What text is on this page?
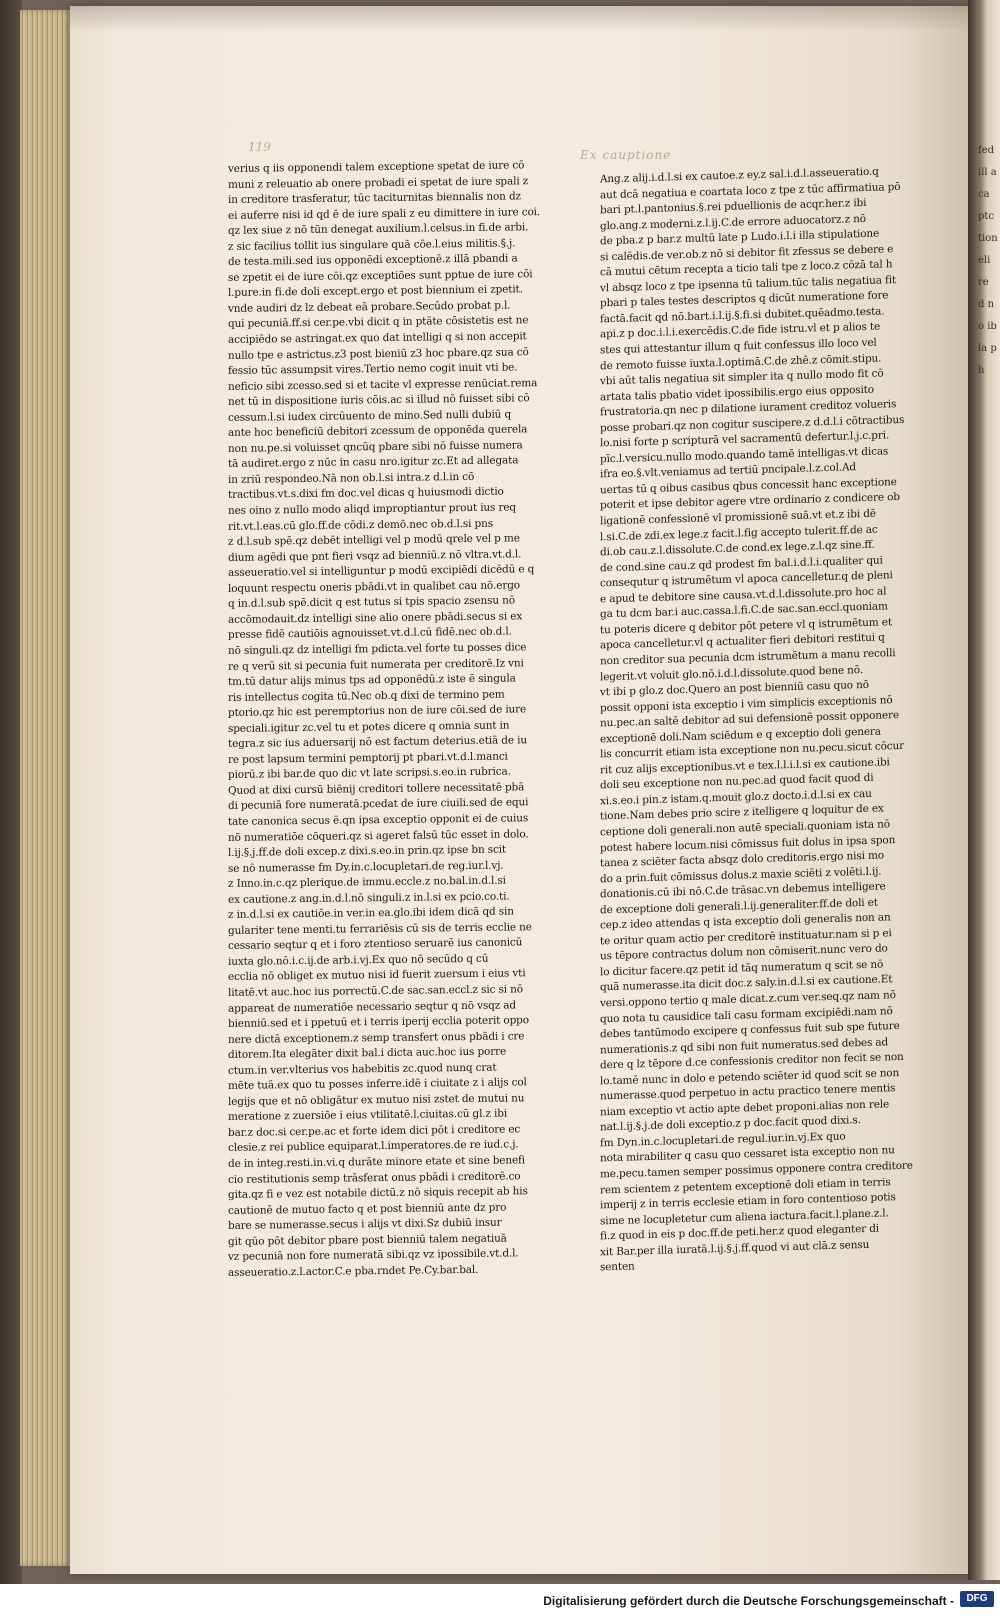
Ex cauptione
119
verius q iis opponendi talem exceptione spetat de iure cō
muni z releuatio ab onere probadi ei spetat de iure spali z
in creditore trasferatur, tūc taciturnitas biennalis non dz
ei auferre nisi id qd ē de iure spali z eu dimittere in iure coi.
qz lex siue z nō tūn denegat auxilium.l.celsus.in fi.de arbi.
z sic facilius tollit ius singulare quā cōe.l.eius militis.§.j.
de testa.mili.sed ius opponēdi exceptionē.z illā pbandi a
se zpetit ei de iure cōi.qz exceptiões sunt pptue de iure cōi
l.pure.in fi.de doli except.ergo et post biennium ei zpetit.
vnde audiri dz lz debeat eā probare.Secūdo probat p.l.
qui pecuniā.ff.si cer.pe.vbi dicit q in ptāte cōsistetis est ne
accipiēdo se astringat.ex quo dat intelligi q si non accepit
nullo tpe e astrictus.z3 post bieniū z3 hoc pbare.qz sua cō
fessio tūc assumpsit vires.Tertio nemo cogit inuit vti be.
neficio sibi zcesso.sed si et tacite vl expresse renūciat.rema
net tū in dispositione iuris cōis.ac si illud nō fuisset sibi cō
cessum.l.si iudex circūuento de mino.Sed nulli dubiū q
ante hoc beneficiū debitori zcessum de opponēda querela
non nu.pe.si voluisset qncūq pbare sibi nō fuisse numera
tā audiret.ergo z nūc in casu nro.igitur zc.Et ad allegata
in zriū respondeo.Nā non ob.l.si intra.z d.l.in cō
tractibus.vt.s.dixi fm doc.vel dicas q huiusmodi dictio
nes oino z nullo modo aliqd improptiantur prout ius req
rit.vt.l.eas.cū glo.ff.de cōdi.z demō.nec ob.d.l.si pns
z d.l.sub spē.qz debēt intelligi vel p modū qrele vel p me
dium agēdi que pnt fieri vsqz ad bienniū.z nō vltra.vt.d.l.
asseueratio.vel si intelliguntur p modū excipiēdi dicēdū e q
loquunt respectu oneris pbādi.vt in qualibet cau nō.ergo
q in.d.l.sub spē.dicit q est tutus si tpis spacio zsensu nō
accōmodauit.dz intelligi sine alio onere pbādi.secus si ex
presse fidē cautiōis agnouisset.vt.d.l.cū fidē.nec ob.d.l.
nō singuli.qz dz intelligi fm pdicta.vel forte tu posses dice
re q verū sit si pecunia fuit numerata per creditorē.Iz vni
tm.tū datur alijs minus tps ad opponēdū.z iste ē singula
ris intellectus cogita tū.Nec ob.q dixi de termino pem
ptorio.qz hic est peremptorius non de iure cōi.sed de iure
speciali.igitur zc.vel tu et potes dicere q omnia sunt in
tegra.z sic ius aduersarij nō est factum deterius.etiā de iu
re post lapsum termini pemptorij pt pbari.vt.d.l.manci
piorū.z ibi bar.de quo dic vt late scripsi.s.eo.in rubrica.
Quod at dixi cursū biēnij creditori tollere necessitatē pbā
di pecuniā fore numeratā.pcedat de iure ciuili.sed de equi
tate canonica secus ē.qn ipsa exceptio opponit ei de cuius
nō numeratiōe cōqueri.qz si ageret falsū tūc esset in dolo.
l.ij.§.j.ff.de doli excep.z dixi.s.eo.in prin.qz ipse bn scit
se nō numerasse fm Dy.in.c.locupletari.de reg.iur.l.vj.
z Inno.in.c.qz plerique.de immu.eccle.z no.bal.in.d.l.si
ex cautione.z ang.in.d.l.nō singuli.z in.l.si ex pcio.co.ti.
z in.d.l.si ex cautiōe.in ver.in ea.glo.ibi idem dicā qd sin
gulariter tene menti.tu ferrariēsis cū sis de terris ecclie ne
cessario seqtur q et i foro ztentioso seruarē ius canonicū
iuxta glo.nō.i.c.ij.de arb.i.vj.Ex quo nō secūdo q cū
ecclia nō obliget ex mutuo nisi id fuerit zuersum i eius vti
litatē.vt auc.hoc ius porrectū.C.de sac.san.eccl.z sic si nō
appareat de numeratiōe necessario seqtur q nō vsqz ad
bienniū.sed et i ppetuū et i terris iperij ecclia poterit oppo
nere dictā exceptionem.z semp transfert onus pbādi i cre
ditorem.Ita elegāter dixit bal.i dicta auc.hoc ius porre
ctum.in ver.vlterius vos habebitis zc.quod nunq crat
mēte tuā.ex quo tu posses inferre.idē i ciuitate z i alijs col
legijs que et nō obligātur ex mutuo nisi zstet de mutui nu
meratione z zuersiōe i eius vtilitatē.l.ciuitas.cū gl.z ibi
bar.z doc.si cer.pe.ac et forte idem dici pōt i creditore ec
clesie.z rei publice equiparat.l.imperatores.de re iud.c.j.
de in integ.resti.in.vi.q durāte minore etate et sine benefi
cio restitutionis semp trāsferat onus pbādi i creditorē.co
gita.qz fi e vez est notabile dictū.z nō siquis recepit ab his
cautionē de mutuo facto q et post bienniū ante dz pro
bare se numerasse.secus i alijs vt dixi.Sz dubiū insur
git qūo pōt debitor pbare post bienniū talem negatiuā
vz pecuniā non fore numeratā sibi.qz vz ipossibile.vt.d.l.
asseueratio.z.l.actor.C.e pba.rndet Pe.Cy.bar.bal.
Ang.z alij.i.d.l.si ex cautoe.z ey.z sal.i.d.l.asseueratio.q
aut dcā negatiua e coartata loco z tpe z tūc affirmatiua pō
bari pt.l.pantonius.§.rei pduellionis de acqr.her.z ibi
glo.ang.z moderni.z.l.ij.C.de errore aduocatorz.z nō
de pba.z p bar.z multū late p Ludo.i.l.i illa stipulatione
si calēdis.de ver.ob.z nō si debitor fit zfessus se debere e
cā mutui cētum recepta a ticio tali tpe z loco.z cōzā tal h
vl absqz loco z tpe ipsenna tū talium.tūc talis negatiua fit
pbari p tales testes descriptos q dicūt numeratione fore
factā.facit qd nō.bart.i.l.ij.§.fi.si dubitet.quēadmo.testa.
api.z p doc.i.l.i.exercēdis.C.de fide istru.vl et p alios te
stes qui attestantur illum q fuit confessus illo loco vel
de remoto fuisse iuxta.l.optimā.C.de zhē.z cōmit.stipu.
vbi aūt talis negatiua sit simpler ita q nullo modo fit cō
artata talis pbatio videt ipossibilis.ergo eius opposito
frustratoria.qn nec p dilatione iurament creditoz volueris
posse probari.qz non cogitur suscipere.z d.d.l.i cōtractibus
lo.nisi forte p scripturā vel sacramentū defertur.l.j.c.pri.
pīc.l.versicu.nullo modo.quando tamē intelligas.vt dicas
ifra eo.§.vlt.veniamus ad tertiū pncipale.l.z.col.Ad
uertas tū q oibus casibus qbus concessit hanc exceptione
poterit et ipse debitor agere vtre ordinario z condicere ob
ligationē confessionē vl promissionē suā.vt et.z ibi dē
l.si.C.de zdi.ex lege.z facit.l.fig accepto tulerit.ff.de ac
di.ob cau.z.l.dissolute.C.de cond.ex lege.z.l.qz sine.ff.
de cond.sine cau.z qd prodest fm bal.i.d.l.i.qualiter qui
consequtur q istrumētum vl apoca cancelletur.q de pleni
e apud te debitore sine causa.vt.d.l.dissolute.pro hoc al
ga tu dcm bar.i auc.cassa.l.fi.C.de sac.san.eccl.quoniam
tu poteris dicere q debitor pōt petere vl q istrumētum et
apoca cancelletur.vl q actualiter fieri debitori restitui q
non creditor sua pecunia dcm istrumētum a manu recolli
legerit.vt voluit glo.nō.i.d.l.dissolute.quod bene nō.
vt ibi p glo.z doc.Quero an post bienniū casu quo nō
possit opponi ista exceptio i vim simplicis exceptionis nō
nu.pec.an saltē debitor ad sui defensionē possit opponere
exceptionē doli.Nam sciēdum e q exceptio doli genera
lis concurrit etiam ista exceptione non nu.pecu.sicut cōcur
rit cuz alijs exceptionibus.vt e tex.l.l.i.l.si ex cautione.ibi
doli seu exceptione non nu.pec.ad quod facit quod di
xi.s.eo.i pin.z istam.q.mouit glo.z docto.i.d.l.si ex cau
tione.Nam debes prio scire z itelligere q loquitur de ex
ceptione doli generali.non autē speciali.quoniam ista nō
potest habere locum.nisi cōmissus fuit dolus in ipsa spon
tanea z sciēter facta absqz dolo creditoris.ergo nisi mo
do a prin.fuit cōmissus dolus.z maxie sciēti z volēti.l.ij.
donationis.cū ibi nō.C.de trāsac.vn debemus intelligere
de exceptione doli generali.l.ij.generaliter.ff.de doli et
cep.z ideo attendas q ista exceptio doli generalis non an
te oritur quam actio per creditorē instituatur.nam si p ei
us tēpore contractus dolum non cōmiserit.nunc vero do
lo dicitur facere.qz petit id tāq numeratum q scit se nō
quā numerasse.ita dicit doc.z saly.in.d.l.si ex cautione.Et
versi.oppono tertio q male dicat.z.cum ver.seq.qz nam nō
quo nota tu causidice tali casu formam excipiēdi.nam nō
debes tantūmodo excipere q confessus fuit sub spe future
numerationis.z qd sibi non fuit numeratus.sed debes ad
dere q lz tēpore d.ce confessionis creditor non fecit se non
lo.tamē nunc in dolo e petendo sciēter id quod scit se non
numerasse.quod perpetuo in actu practico tenere mentis
niam exceptio vt actio apte debet proponi.alias non rele
nat.l.ij.§.j.de doli exceptio.z p doc.facit quod dixi.s.
fm Dyn.in.c.locupletari.de regul.iur.in.vj.Ex quo
nota mirabiliter q casu quo cessaret ista exceptio non nu
me.pecu.tamen semper possimus opponere contra creditore
rem scientem z petentem exceptionē doli etiam in terris
imperij z in terris ecclesie etiam in foro contentioso potis
sime ne locupletetur cum aliena iactura.facit.l.plane.z.l.
fi.z quod in eis p doc.ff.de peti.her.z quod eleganter di
xit Bar.per illa iuratā.l.ij.§.j.ff.quod vi aut clā.z sensu
senten
fed ill aca ptc tion eli re d no ib la p h
Digitalisierung gefördert durch die Deutsche Forschungsgemeinschaft -	DFG
